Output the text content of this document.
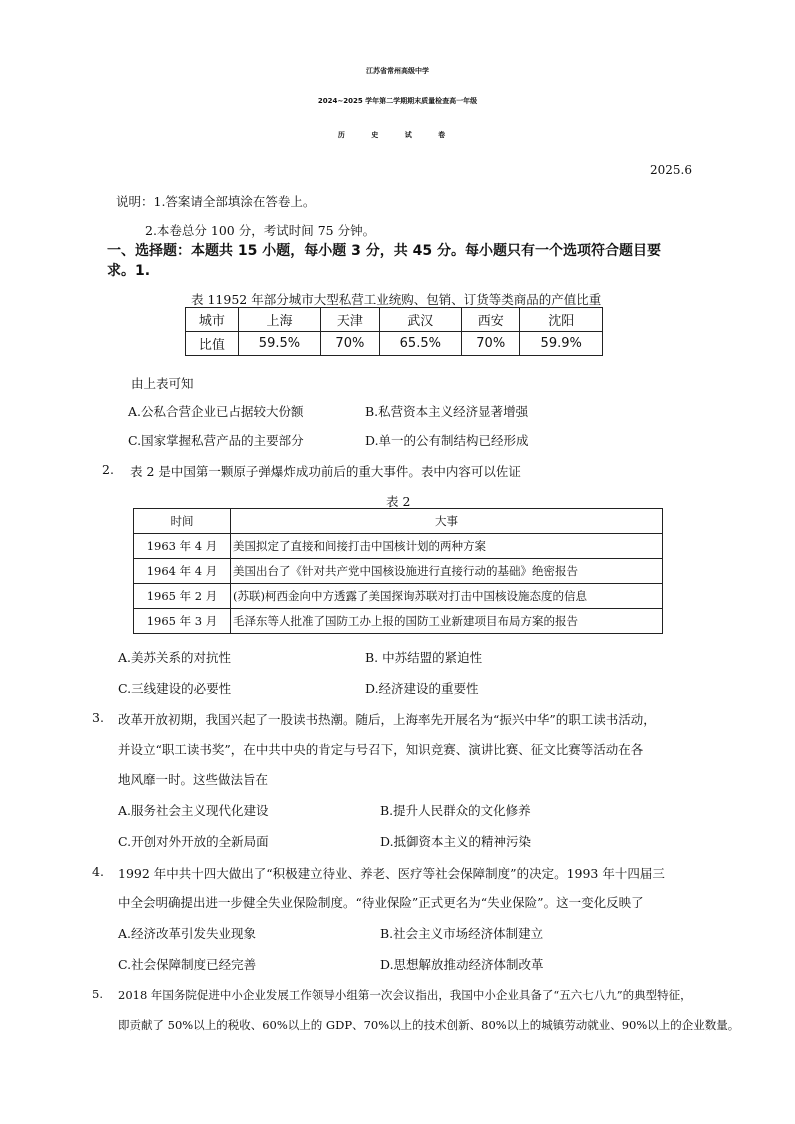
江苏省常州高级中学
2024~2025 学年第二学期期末质量检查高一年级
历 史 试 卷
2025.6
说明：1.答案请全部填涂在答卷上。
2.本卷总分 100 分，考试时间 75 分钟。
一、选择题：本题共 15 小题，每小题 3 分，共 45 分。每小题只有一个选项符合题目要
求。1.
表 11952 年部分城市大型私营工业统购、包销、订货等类商品的产值比重
城市	上海	天津	武汉	西安	沈阳
比值	59.5%	70%	65.5%	70%	59.9%
由上表可知
A.公私合营企业已占据较大份额	B.私营资本主义经济显著增强
C.国家掌握私营产品的主要部分	D.单一的公有制结构已经形成
2. 表 2 是中国第一颗原子弹爆炸成功前后的重大事件。表中内容可以佐证
表 2
时间	大事
1963 年 4 月	美国拟定了直接和间接打击中国核计划的两种方案
1964 年 4 月	美国出台了《针对共产党中国核设施进行直接行动的基础》绝密报告
1965 年 2 月	(苏联)柯西金向中方透露了美国探询苏联对打击中国核设施态度的信息
1965 年 3 月	毛泽东等人批准了国防工办上报的国防工业新建项目布局方案的报告
A.美苏关系的对抗性	B. 中苏结盟的紧迫性
C.三线建设的必要性	D.经济建设的重要性
3. 改革开放初期，我国兴起了一股读书热潮。随后，上海率先开展名为“振兴中华”的职工读书活动，
并设立“职工读书奖”，在中共中央的肯定与号召下，知识竞赛、演讲比赛、征文比赛等活动在各
地风靡一时。这些做法旨在
A.服务社会主义现代化建设	B.提升人民群众的文化修养
C.开创对外开放的全新局面	D.抵御资本主义的精神污染
4. 1992 年中共十四大做出了“积极建立待业、养老、医疗等社会保障制度”的决定。1993 年十四届三
中全会明确提出进一步健全失业保险制度。“待业保险”正式更名为“失业保险”。这一变化反映了
A.经济改革引发失业现象	B.社会主义市场经济体制建立
C.社会保障制度已经完善	D.思想解放推动经济体制改革
5. 2018 年国务院促进中小企业发展工作领导小组第一次会议指出，我国中小企业具备了“五六七八九”的典型特征，
即贡献了 50%以上的税收、60%以上的 GDP、70%以上的技术创新、80%以上的城镇劳动就业、90%以上的企业数量。
